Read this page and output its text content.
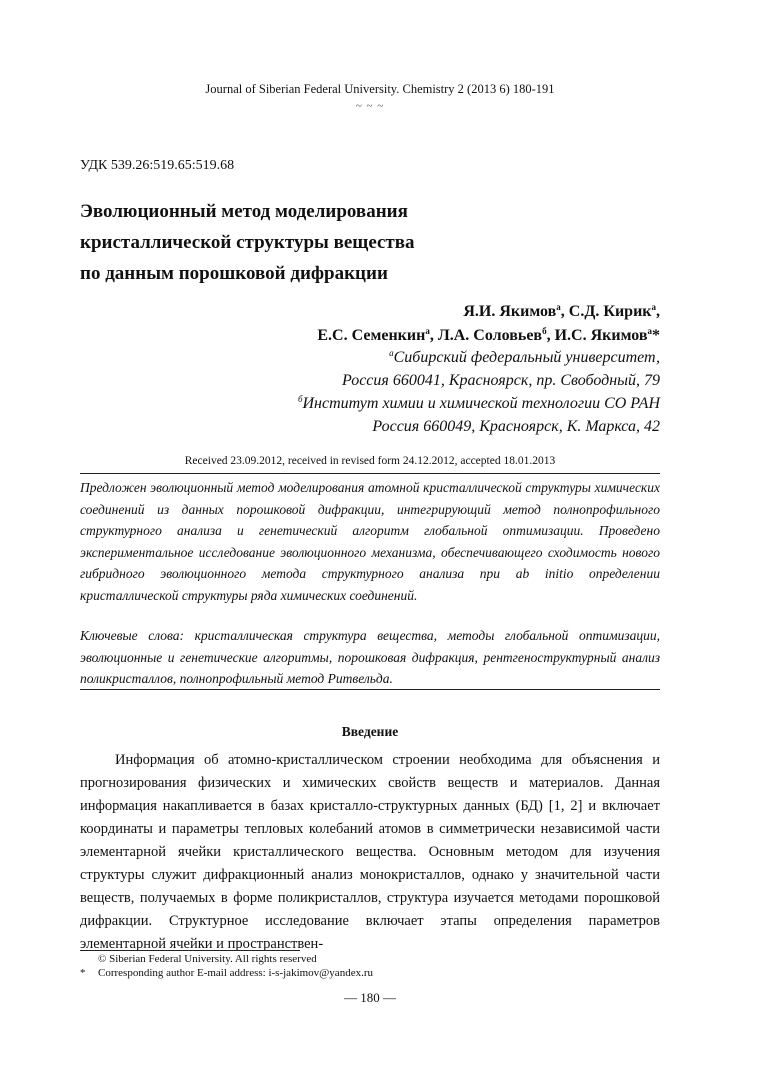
Journal of Siberian Federal University. Chemistry 2 (2013 6) 180-191
~ ~ ~
УДК 539.26:519.65:519.68
Эволюционный метод моделирования
кристаллической структуры вещества
по данным порошковой дифракции
Я.И. Якимов$^а$, С.Д. Кирик$^а$,
Е.С. Семенкин$^а$, Л.А. Соловьев$^б$, И.С. Якимов$^а$*
$^а$Сибирский федеральный университет,
Россия 660041, Красноярск, пр. Свободный, 79
$^б$Институт химии и химической технологии СО РАН
Россия 660049, Красноярск, К. Маркса, 42
Received 23.09.2012, received in revised form 24.12.2012, accepted 18.01.2013
Предложен эволюционный метод моделирования атомной кристаллической структуры химических соединений из данных порошковой дифракции, интегрирующий метод полнопрофильного структурного анализа и генетический алгоритм глобальной оптимизации. Проведено экспериментальное исследование эволюционного механизма, обеспечивающего сходимость нового гибридного эволюционного метода структурного анализа при ab initio определении кристаллической структуры ряда химических соединений.
Ключевые слова: кристаллическая структура вещества, методы глобальной оптимизации, эволюционные и генетические алгоритмы, порошковая дифракция, рентгеноструктурный анализ поликристаллов, полнопрофильный метод Ритвельда.
Введение
Информация об атомно-кристаллическом строении необходима для объяснения и прогнозирования физических и химических свойств веществ и материалов. Данная информация накапливается в базах кристалло-структурных данных (БД) [1, 2] и включает координаты и параметры тепловых колебаний атомов в симметрически независимой части элементарной ячейки кристаллического вещества. Основным методом для изучения структуры служит дифракционный анализ монокристаллов, однако у значительной части веществ, получаемых в форме поликристаллов, структура изучается методами порошковой дифракции. Структурное исследование включает этапы определения параметров элементарной ячейки и пространствен-
© Siberian Federal University. All rights reserved
* Corresponding author E-mail address: i-s-jakimov@yandex.ru
— 180 —
